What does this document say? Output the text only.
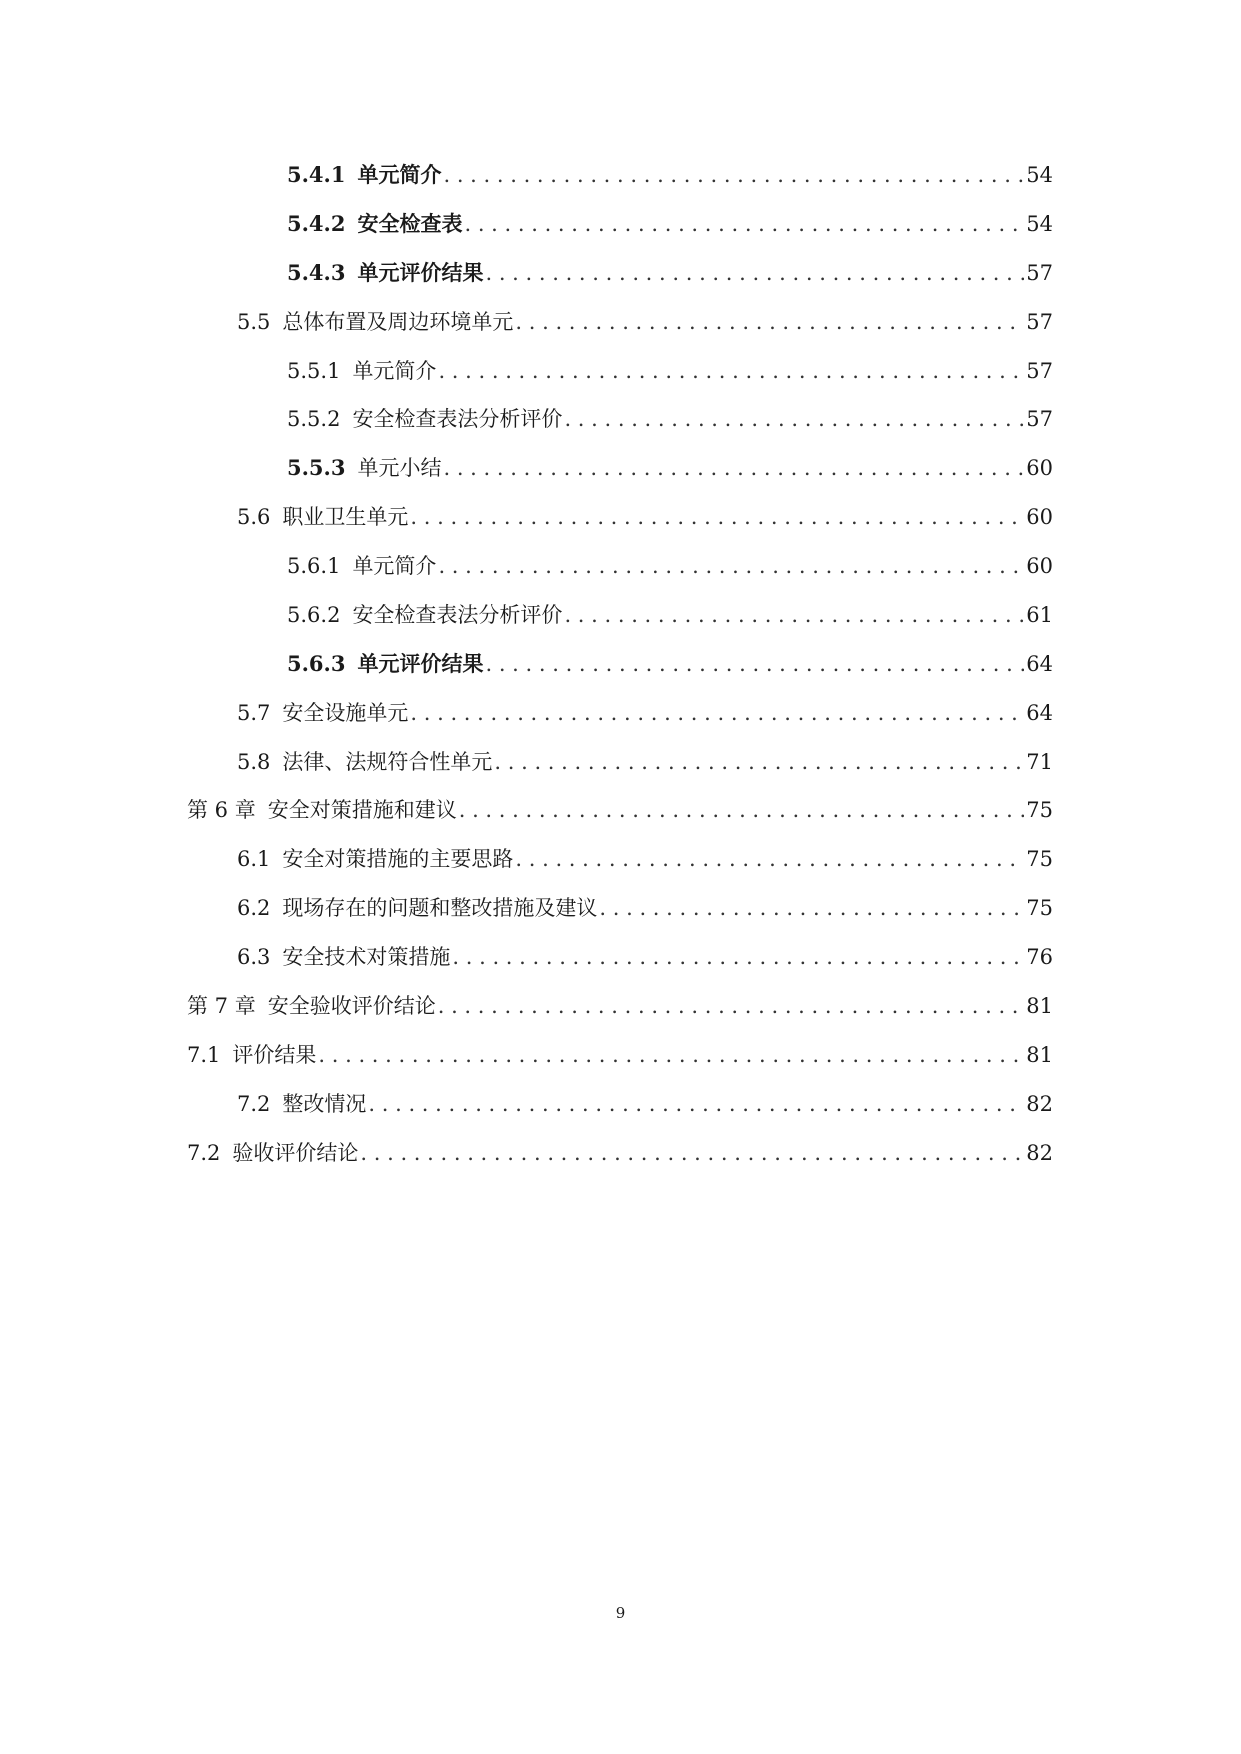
5.4.1 单元简介 . . .	54
5.4.2 安全检查表 . . .	54
5.4.3 单元评价结果 . . .	57
5.5 总体布置及周边环境单元 . . .	57
5.5.1 单元简介 . . .	57
5.5.2 安全检查表法分析评价 . . .	57
5.5.3 单元小结 . . .	60
5.6 职业卫生单元 . . .	60
5.6.1 单元简介 . . .	60
5.6.2 安全检查表法分析评价 . . .	61
5.6.3 单元评价结果 . . .	64
5.7 安全设施单元 . . .	64
5.8 法律、法规符合性单元 . . .	71
第 6 章 安全对策措施和建议 . . .	75
6.1 安全对策措施的主要思路 . . .	75
6.2 现场存在的问题和整改措施及建议 . . .	75
6.3 安全技术对策措施 . . .	76
第 7 章 安全验收评价结论 . . .	81
7.1 评价结果 . . .	81
7.2 整改情况 . . .	82
7.2 验收评价结论 . . .	82
9
